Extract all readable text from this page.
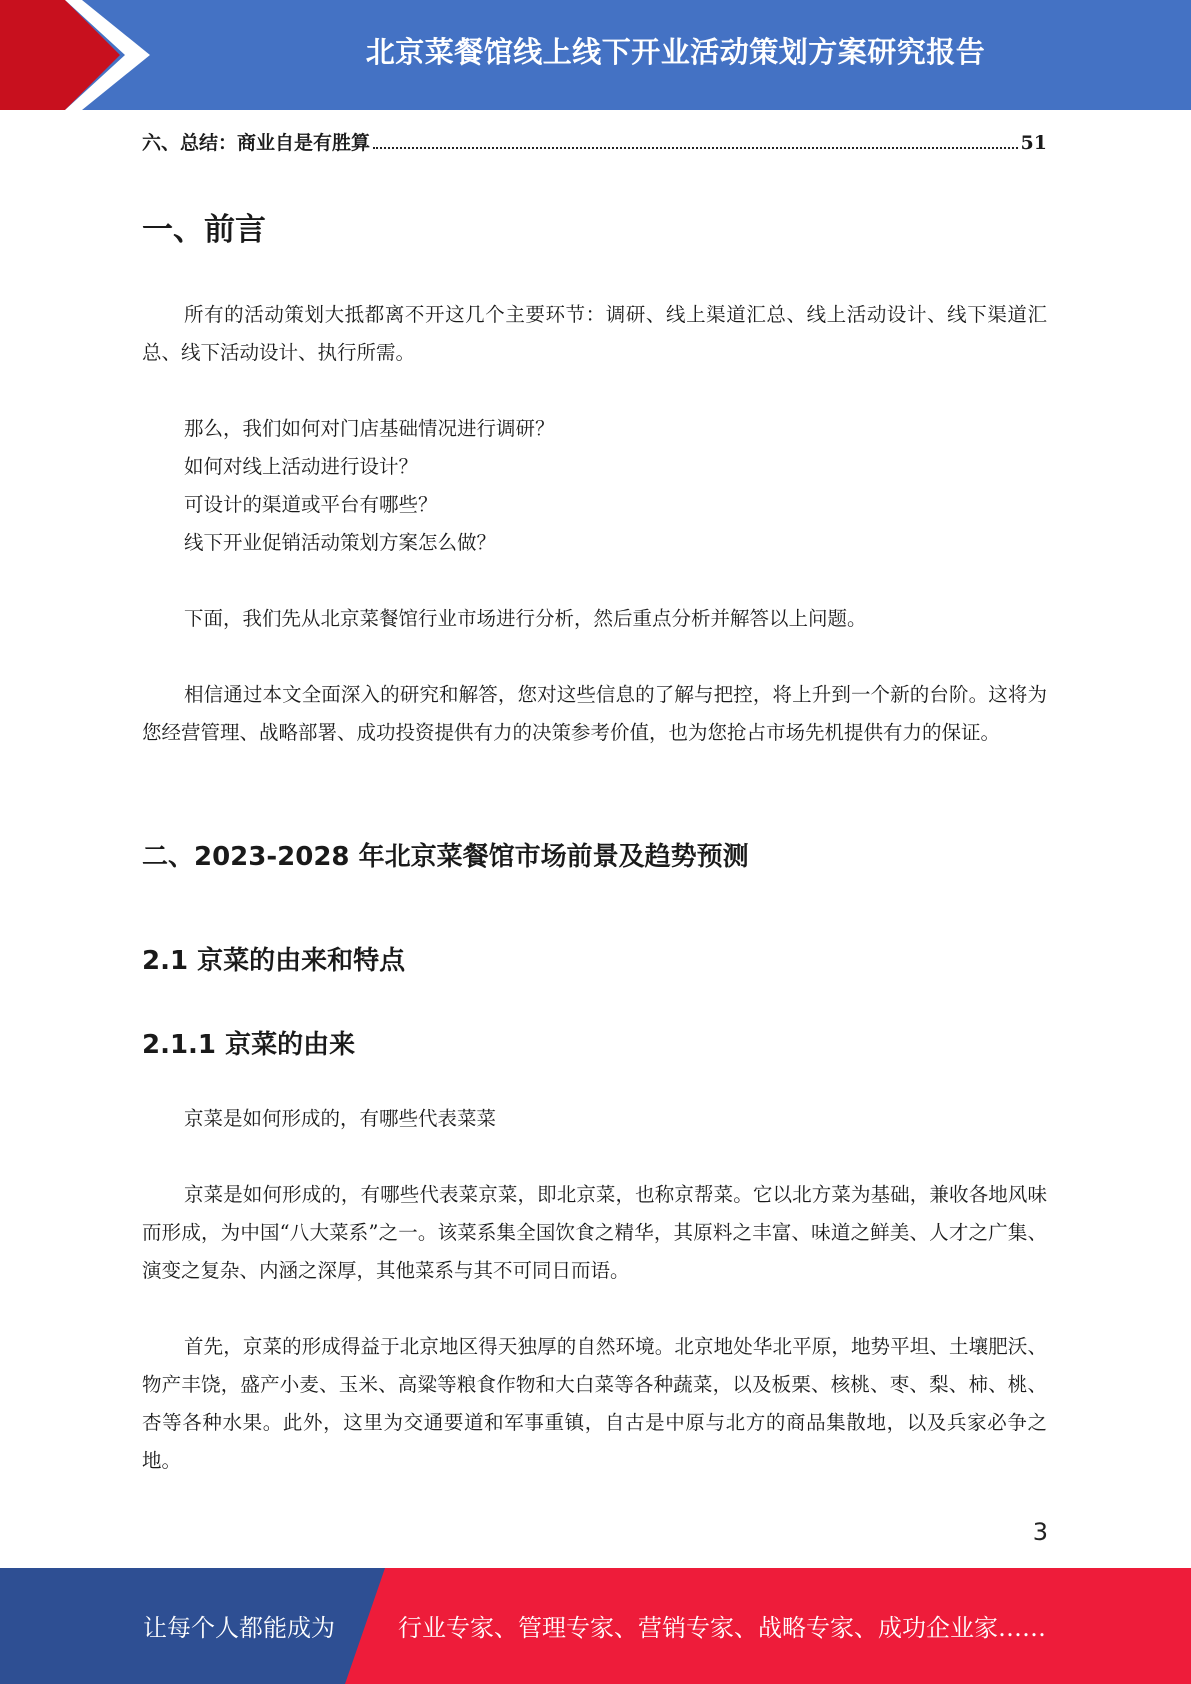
北京菜餐馆线上线下开业活动策划方案研究报告
六、总结：商业自是有胜算	51
一、前言

所有的活动策划大抵都离不开这几个主要环节：调研、线上渠道汇总、线上活动设计、线下渠道汇总、线下活动设计、执行所需。

那么，我们如何对门店基础情况进行调研？

如何对线上活动进行设计？

可设计的渠道或平台有哪些？

线下开业促销活动策划方案怎么做？

下面，我们先从北京菜餐馆行业市场进行分析，然后重点分析并解答以上问题。

相信通过本文全面深入的研究和解答，您对这些信息的了解与把控，将上升到一个新的台阶。这将为您经营管理、战略部署、成功投资提供有力的决策参考价值，也为您抢占市场先机提供有力的保证。

二、2023-2028 年北京菜餐馆市场前景及趋势预测
2.1 京菜的由来和特点
2.1.1 京菜的由来

京菜是如何形成的，有哪些代表菜菜

京菜是如何形成的，有哪些代表菜京菜，即北京菜，也称京帮菜。它以北方菜为基础，兼收各地风味而形成，为中国“八大菜系”之一。该菜系集全国饮食之精华，其原料之丰富、味道之鲜美、人才之广集、演变之复杂、内涵之深厚，其他菜系与其不可同日而语。

首先，京菜的形成得益于北京地区得天独厚的自然环境。北京地处华北平原，地势平坦、土壤肥沃、物产丰饶，盛产小麦、玉米、高粱等粮食作物和大白菜等各种蔬菜，以及板栗、核桃、枣、梨、柿、桃、杏等各种水果。此外，这里为交通要道和军事重镇，自古是中原与北方的商品集散地，以及兵家必争之地。

3
让每个人都能成为	行业专家、管理专家、营销专家、战略专家、成功企业家……
